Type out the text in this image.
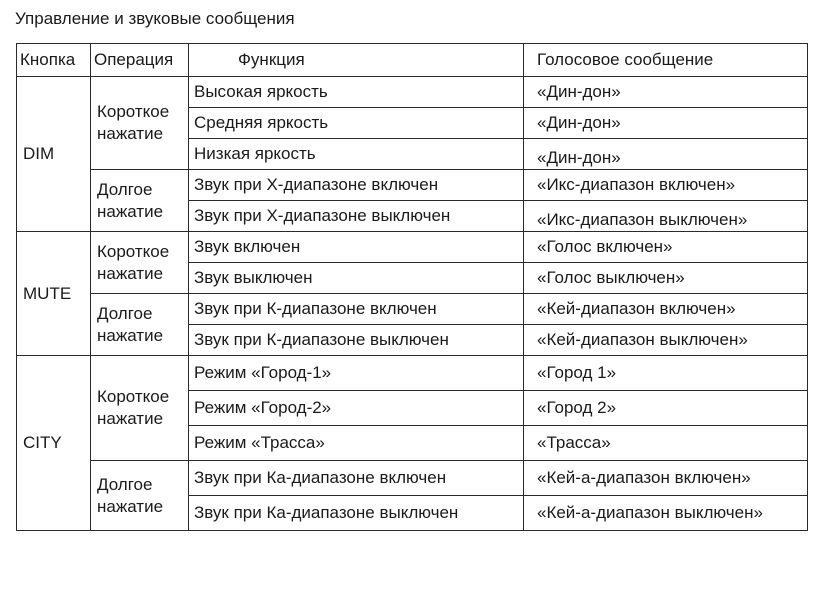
Управление и звуковые сообщения
Кнопка	Операция	Функция	Голосовое сообщение
DIM	Короткое нажатие	Высокая яркость	«Дин-дон»
		Средняя яркость	«Дин-дон»
		Низкая яркость	«Дин-дон»
	Долгое нажатие	Звук при Х-диапазоне включен	«Икс-диапазон включен»
		Звук при Х-диапазоне выключен	«Икс-диапазон выключен»
MUTE	Короткое нажатие	Звук включен	«Голос включен»
		Звук выключен	«Голос выключен»
	Долгое нажатие	Звук при К-диапазоне включен	«Кей-диапазон включен»
		Звук при К-диапазоне выключен	«Кей-диапазон выключен»
CITY	Короткое нажатие	Режим «Город-1»	«Город 1»
		Режим «Город-2»	«Город 2»
		Режим «Трасса»	«Трасса»
	Долгое нажатие	Звук при Ка-диапазоне включен	«Кей-а-диапазон включен»
		Звук при Ка-диапазоне выключен	«Кей-а-диапазон выключен»
